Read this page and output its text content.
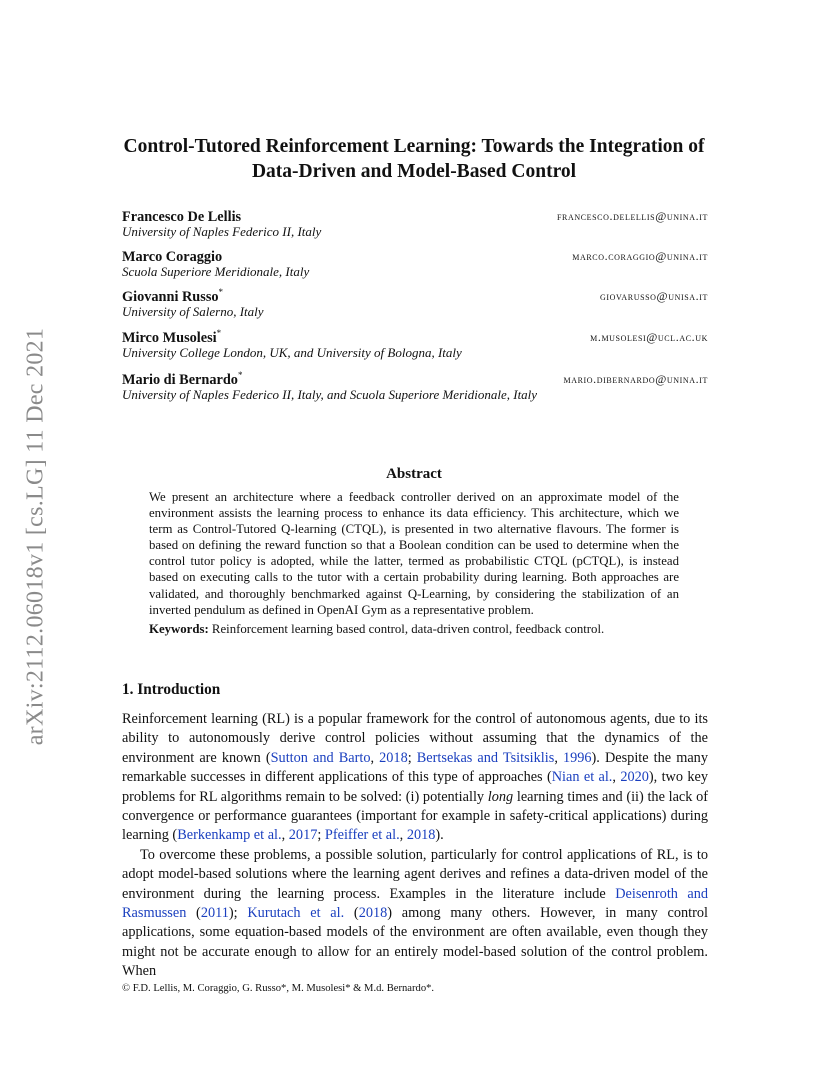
arXiv:2112.06018v1 [cs.LG] 11 Dec 2021
Control-Tutored Reinforcement Learning: Towards the Integration of
Data-Driven and Model-Based Control
Francesco De Lellis	francesco.delellis@unina.it
University of Naples Federico II, Italy
Marco Coraggio	marco.coraggio@unina.it
Scuola Superiore Meridionale, Italy
Giovanni Russo*	giovarusso@unisa.it
University of Salerno, Italy
Mirco Musolesi*	m.musolesi@ucl.ac.uk
University College London, UK, and University of Bologna, Italy
Mario di Bernardo*	mario.dibernardo@unina.it
University of Naples Federico II, Italy, and Scuola Superiore Meridionale, Italy
Abstract
We present an architecture where a feedback controller derived on an approximate model of the environment assists the learning process to enhance its data efficiency. This architecture, which we term as Control-Tutored Q-learning (CTQL), is presented in two alternative flavours. The former is based on defining the reward function so that a Boolean condition can be used to determine when the control tutor policy is adopted, while the latter, termed as probabilistic CTQL (pCTQL), is instead based on executing calls to the tutor with a certain probability during learning. Both approaches are validated, and thoroughly benchmarked against Q-Learning, by considering the stabilization of an inverted pendulum as defined in OpenAI Gym as a representative problem.
Keywords: Reinforcement learning based control, data-driven control, feedback control.
1. Introduction

Reinforcement learning (RL) is a popular framework for the control of autonomous agents, due to its ability to autonomously derive control policies without assuming that the dynamics of the environment are known (Sutton and Barto, 2018; Bertsekas and Tsitsiklis, 1996). Despite the many remarkable successes in different applications of this type of approaches (Nian et al., 2020), two key problems for RL algorithms remain to be solved: (i) potentially long learning times and (ii) the lack of convergence or performance guarantees (important for example in safety-critical applications) during learning (Berkenkamp et al., 2017; Pfeiffer et al., 2018).

To overcome these problems, a possible solution, particularly for control applications of RL, is to adopt model-based solutions where the learning agent derives and refines a data-driven model of the environment during the learning process. Examples in the literature include Deisenroth and Rasmussen (2011); Kurutach et al. (2018) among many others. However, in many control applications, some equation-based models of the environment are often available, even though they might not be accurate enough to allow for an entirely model-based solution of the control problem. When

© F.D. Lellis, M. Coraggio, G. Russo*, M. Musolesi* & M.d. Bernardo*.
